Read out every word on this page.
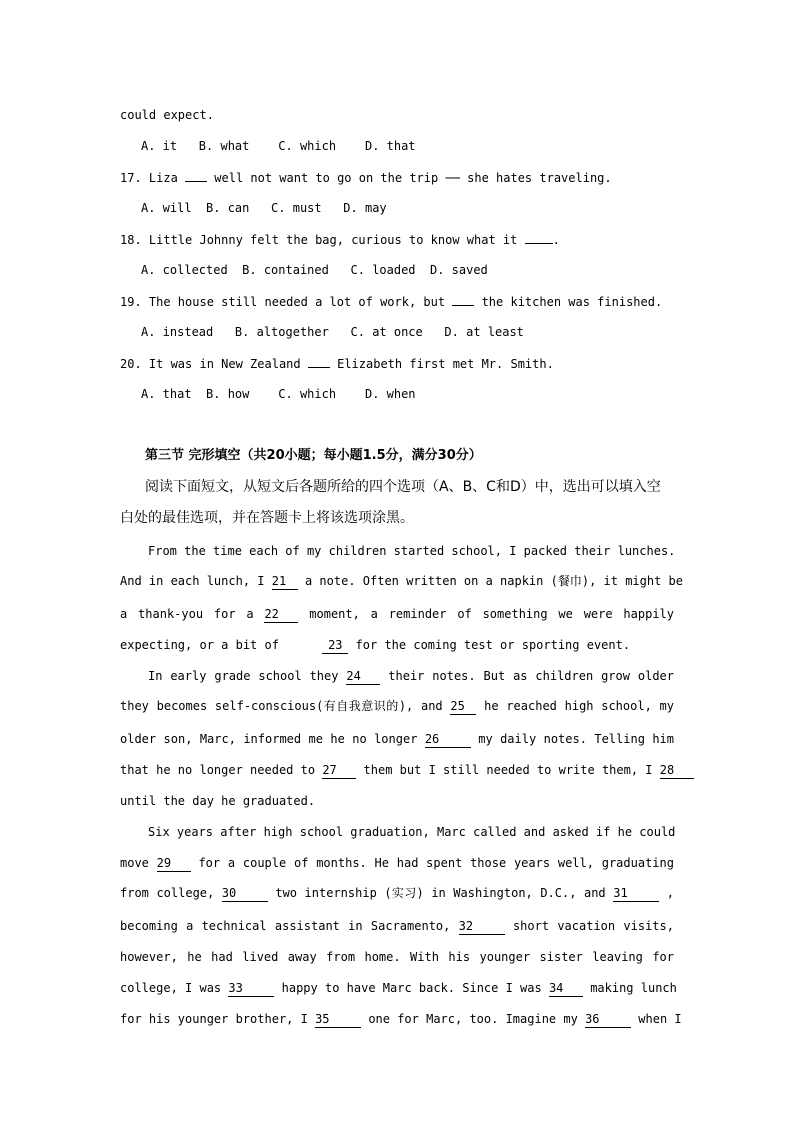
could expect.
A. it   B. what    C. which    D. that
17. Liza	well not want to go on the trip ── she hates traveling.
A. will  B. can   C. must   D. may
18. Little Johnny felt the bag, curious to know what it	.
A. collected  B. contained   C. loaded  D. saved
19. The house still needed a lot of work, but	the kitchen was finished.
A. instead   B. altogether   C. at once   D. at least
20. It was in New Zealand	Elizabeth first met Mr. Smith.
A. that  B. how    C. which    D. when
第三节 完形填空（共20小题；每小题1.5分，满分30分）
阅读下面短文，从短文后各题所给的四个选项（A、B、C和D）中，选出可以填入空
白处的最佳选项，并在答题卡上将该选项涂黑。
From the time each of my children started school, I packed their lunches.
And in each lunch, I 21 a note. Often written on a napkin (餐巾), it might be
a thank-you for a 22	moment, a reminder of something we were happily
expecting, or a bit of	23 for the coming test or sporting event.
In early grade school they 24 their notes. But as children grow older
they becomes self-conscious(有自我意识的), and 25 he reached high school, my
older son, Marc, informed me he no longer 26	my daily notes. Telling him
that he no longer needed to 27 them but I still needed to write them, I 28
until the day he graduated.
Six years after high school graduation, Marc called and asked if he could
move 29 for a couple of months. He had spent those years well, graduating
from college, 30	two internship (实习) in Washington, D.C., and 31	,
becoming a technical assistant in Sacramento, 32	short vacation visits,
however, he had lived away from home. With his younger sister leaving for
college, I was 33	happy to have Marc back. Since I was 34 making lunch
for his younger brother, I 35	one for Marc, too. Imagine my 36	when I
